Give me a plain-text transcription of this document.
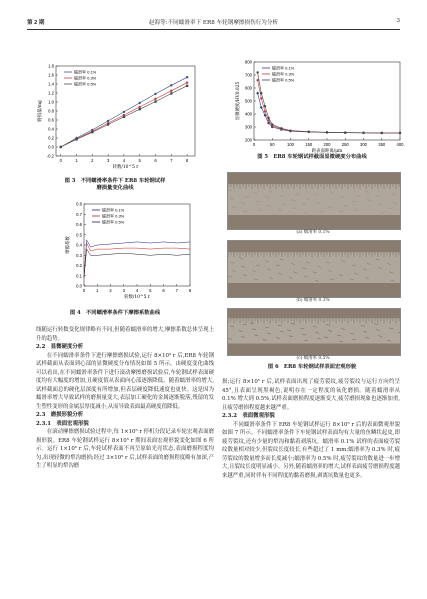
第 2 期	赵海等:不同蠕滑率下 ER8 车轮钢摩擦损伤行为分析	3
-0.2
0.0
0.2
0.4
0.6
0.8
1.0
1.2
1.4
1.6
1.8
0	1	2	3	4	5	6	7	8
转数/10^5 r
磨损量/mg
蠕滑率 0.1%
蠕滑率 0.3%
蠕滑率 0.5%
图 3　不同蠕滑率条件下 ER8 车轮钢试样
磨损量变化曲线
0.0
0.1
0.2
0.3
0.4
0.5
0.6
0.7
0.8
0	1	2	3	4	5	6	7	8
转数/10^5 r
摩擦系数
蠕滑率 0.1%
蠕滑率 0.3%
蠕滑率 0.5%
图 4　不同蠕滑率条件下摩擦系数曲线
200
300
400
500
600
700
800
0	50	100	150	200	250	300	350	400
距表面距离/μm
显微硬度/HV0.025
蠕滑率 0.1%
蠕滑率 0.3%
蠕滑率 0.5%
图 5　ER8 车轮钢试样截面显微硬度分布曲线
(a) 蠕滑率 0.1%
(b) 蠕滑率 0.3%
(c) 蠕滑率 0.5%
图 6　ER8 车轮钢试样表面宏观形貌

线随运行转数变化规律略有不同,但随着蠕滑率的增大,摩擦系数总体呈现上升的趋势。

2.2　显微硬度分析

在不同蠕滑率条件下进行摩擦磨损试验,运行 8×10⁵ r 后,ER8 车轮钢试样截面从表面到心部的显微硬度分布情况如图 5 所示。由硬度变化曲线可以看出,在不同蠕滑率条件下进行滚动摩擦磨损试验后,车轮钢试样表面硬度均有大幅度的增加,且硬度值从表面向心部逐渐降低。随着蠕滑率的增大,试样截面总的硬化层深度有所增加,但表层硬度降低速度也更快。这是因为蠕滑率增大导致试样的磨损量变大,表层加工硬化的金属逐渐脱落,残留的发生塑性变形的金属层厚度减小,从而导致表面最高硬度值降低。

2.3　磨损形貌分析

2.3.1　表面宏观形貌

在滚动摩擦磨损试验过程中,每 1×10⁵ r 停机分段记录车轮宏观表面磨损形貌。ER8 车轮钢试样运行 8×10⁵ r 期间表面宏观形貌变化如图 6 所示。运行 1×10⁵ r 后,车轮试样表面不再呈原始光亮状态,表面磨损程度均匀,出现轻微的犁沟磨损;经过 3×10⁵ r 后,试样表面的磨损程度略有加深,产生了明显的犁沟磨

损;运行 8×10⁵ r 后,试样表面出现了疲劳裂纹,疲劳裂纹与运行方向约呈 45°,且表面呈现黑褐色,说明存在一定程度的氧化磨损。随着蠕滑率从 0.1% 增大到 0.5%,试样表面磨损程度逐渐变大,疲劳磨损现象也逐渐加重,且疲劳磨损程度越来越严重。

2.3.2　表面微观形貌

不同蠕滑率条件下 ER8 车轮钢试样运行 8×10⁵ r 后的表面微观形貌如图 7 所示。不同蠕滑率条件下车轮钢试样表面均有大量的鱼鳞状起皮,即疲劳裂纹,还有少量的犁沟和黏着剥落坑。蠕滑率 0.1% 试样的表面疲劳裂纹数量相对较少,但裂纹长度较长,有些超过了 1 mm;蠕滑率为 0.3% 时,疲劳裂纹的数量增多而长度减小;蠕滑率为 0.5% 时,疲劳裂纹的数量进一步增大,且裂纹长度明显减小。另外,随着蠕滑率的增大,试样表面疲劳磨损程度越来越严重,同时伴有不同程度的黏着磨损,剥离坑数量也更多。
